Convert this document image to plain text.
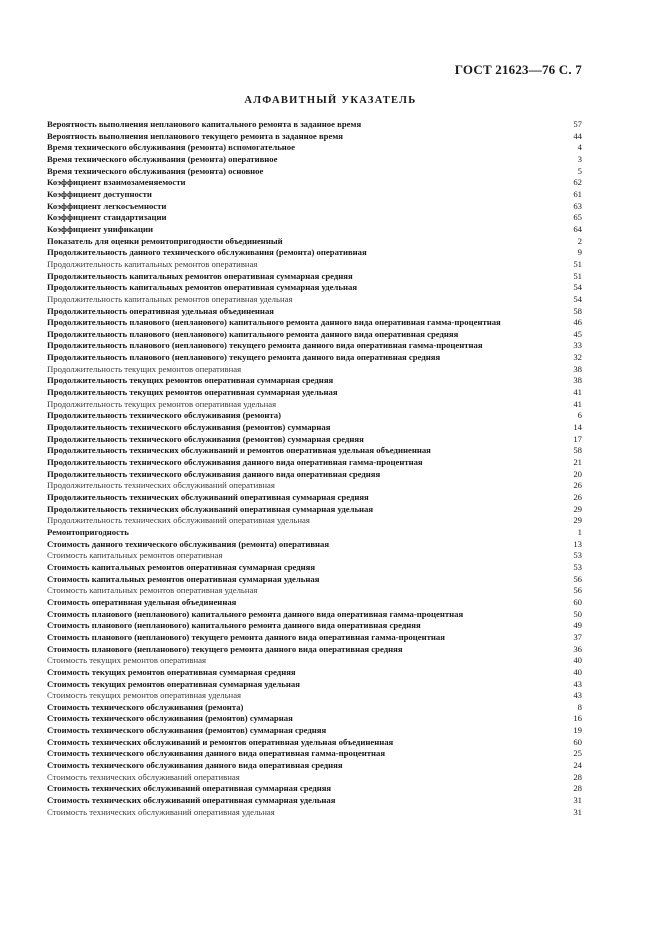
ГОСТ 21623—76 С. 7
АЛФАВИТНЫЙ УКАЗАТЕЛЬ
Вероятность выполнения непланового капитального ремонта в заданное время	57
Вероятность выполнения непланового текущего ремонта в заданное время	44
Время технического обслуживания (ремонта) вспомогательное	4
Время технического обслуживания (ремонта) оперативное	3
Время технического обслуживания (ремонта) основное	5
Коэффициент взаимозаменяемости	62
Коэффициент доступности	61
Коэффициент легкосъемности	63
Коэффициент стандартизации	65
Коэффициент унификации	64
Показатель для оценки ремонтопригодности объединенный	2
Продолжительность данного технического обслуживания (ремонта) оперативная	9
Продолжительность капитальных ремонтов оперативная	51
Продолжительность капитальных ремонтов оперативная суммарная средняя	51
Продолжительность капитальных ремонтов оперативная суммарная удельная	54
Продолжительность капитальных ремонтов оперативная удельная	54
Продолжительность оперативная удельная объединенная	58
Продолжительность планового (непланового) капитального ремонта данного вида оперативная гамма-процентная	46
Продолжительность планового (непланового) капитального ремонта данного вида оперативная средняя	45
Продолжительность планового (непланового) текущего ремонта данного вида оперативная гамма-процентная	33
Продолжительность планового (непланового) текущего ремонта данного вида оперативная средняя	32
Продолжительность текущих ремонтов оперативная	38
Продолжительность текущих ремонтов оперативная суммарная средняя	38
Продолжительность текущих ремонтов оперативная суммарная удельная	41
Продолжительность текущих ремонтов оперативная удельная	41
Продолжительность технического обслуживания (ремонта)	6
Продолжительность технического обслуживания (ремонтов) суммарная	14
Продолжительность технического обслуживания (ремонтов) суммарная средняя	17
Продолжительность технических обслуживаний и ремонтов оперативная удельная объединенная	58
Продолжительность технического обслуживания данного вида оперативная гамма-процентная	21
Продолжительность технического обслуживания данного вида оперативная средняя	20
Продолжительность технических обслуживаний оперативная	26
Продолжительность технических обслуживаний оперативная суммарная средняя	26
Продолжительность технических обслуживаний оперативная суммарная удельная	29
Продолжительность технических обслуживаний оперативная удельная	29
Ремонтопригодность	1
Стоимость данного технического обслуживания (ремонта) оперативная	13
Стоимость капитальных ремонтов оперативная	53
Стоимость капитальных ремонтов оперативная суммарная средняя	53
Стоимость капитальных ремонтов оперативная суммарная удельная	56
Стоимость капитальных ремонтов оперативная удельная	56
Стоимость оперативная удельная объединенная	60
Стоимость планового (непланового) капитального ремонта данного вида оперативная гамма-процентная	50
Стоимость планового (непланового) капитального ремонта данного вида оперативная средняя	49
Стоимость планового (непланового) текущего ремонта данного вида оперативная гамма-процентная	37
Стоимость планового (непланового) текущего ремонта данного вида оперативная средняя	36
Стоимость текущих ремонтов оперативная	40
Стоимость текущих ремонтов оперативная суммарная средняя	40
Стоимость текущих ремонтов оперативная суммарная удельная	43
Стоимость текущих ремонтов оперативная удельная	43
Стоимость технического обслуживания (ремонта)	8
Стоимость технического обслуживания (ремонтов) суммарная	16
Стоимость технического обслуживания (ремонтов) суммарная средняя	19
Стоимость технических обслуживаний и ремонтов оперативная удельная объединенная	60
Стоимость технического обслуживания данного вида оперативная гамма-процентная	25
Стоимость технического обслуживания данного вида оперативная средняя	24
Стоимость технических обслуживаний оперативная	28
Стоимость технических обслуживаний оперативная суммарная средняя	28
Стоимость технических обслуживаний оперативная суммарная удельная	31
Стоимость технических обслуживаний оперативная удельная	31
